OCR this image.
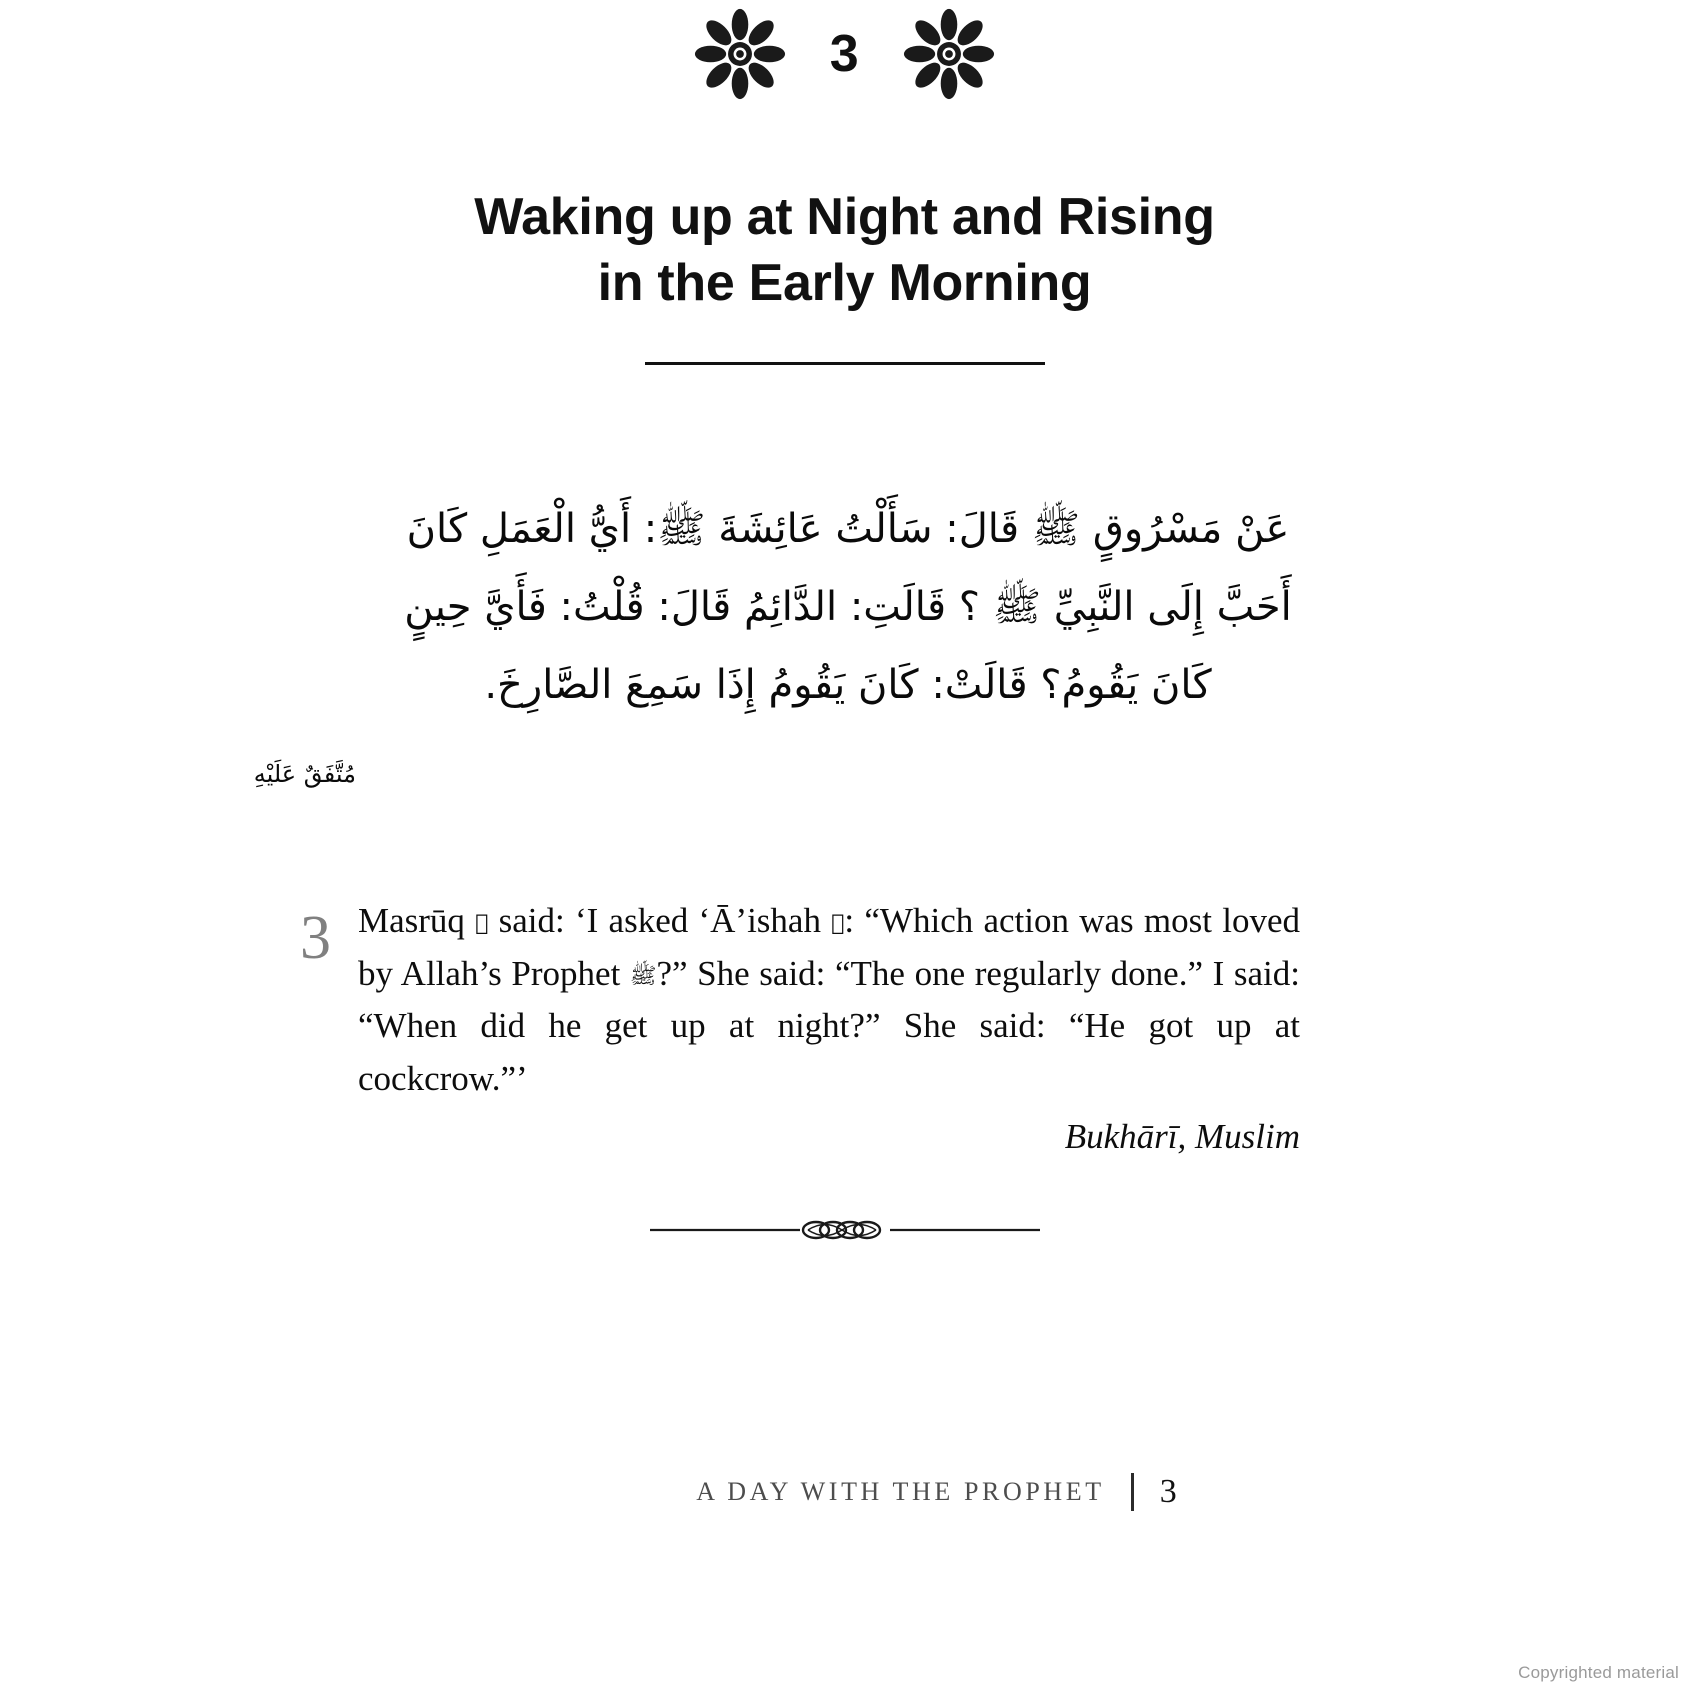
3
Waking up at Night and Rising
in the Early Morning
عَنْ مَسْرُوقٍ ﷺ قَالَ: سَأَلْتُ عَائِشَةَ ﷺ: أَيُّ الْعَمَلِ كَانَ
أَحَبَّ إِلَى النَّبِيِّ ﷺ ؟ قَالَتِ: الدَّائِمُ قَالَ: قُلْتُ: فَأَيَّ حِينٍ
كَانَ يَقُومُ؟ قَالَتْ: كَانَ يَقُومُ إِذَا سَمِعَ الصَّارِخَ.
مُتَّفَقٌ عَلَيْهِ
3 Masrūq ﷡ said: ‘I asked ‘Ā’ishah ﷣: “Which action was most loved by Allah’s Prophet ﷺ?” She said: “The one regularly done.” I said: “When did he get up at night?” She said: “He got up at cockcrow.”’

Bukhārī, Muslim
A DAY WITH THE PROPHET 3
Copyrighted material
